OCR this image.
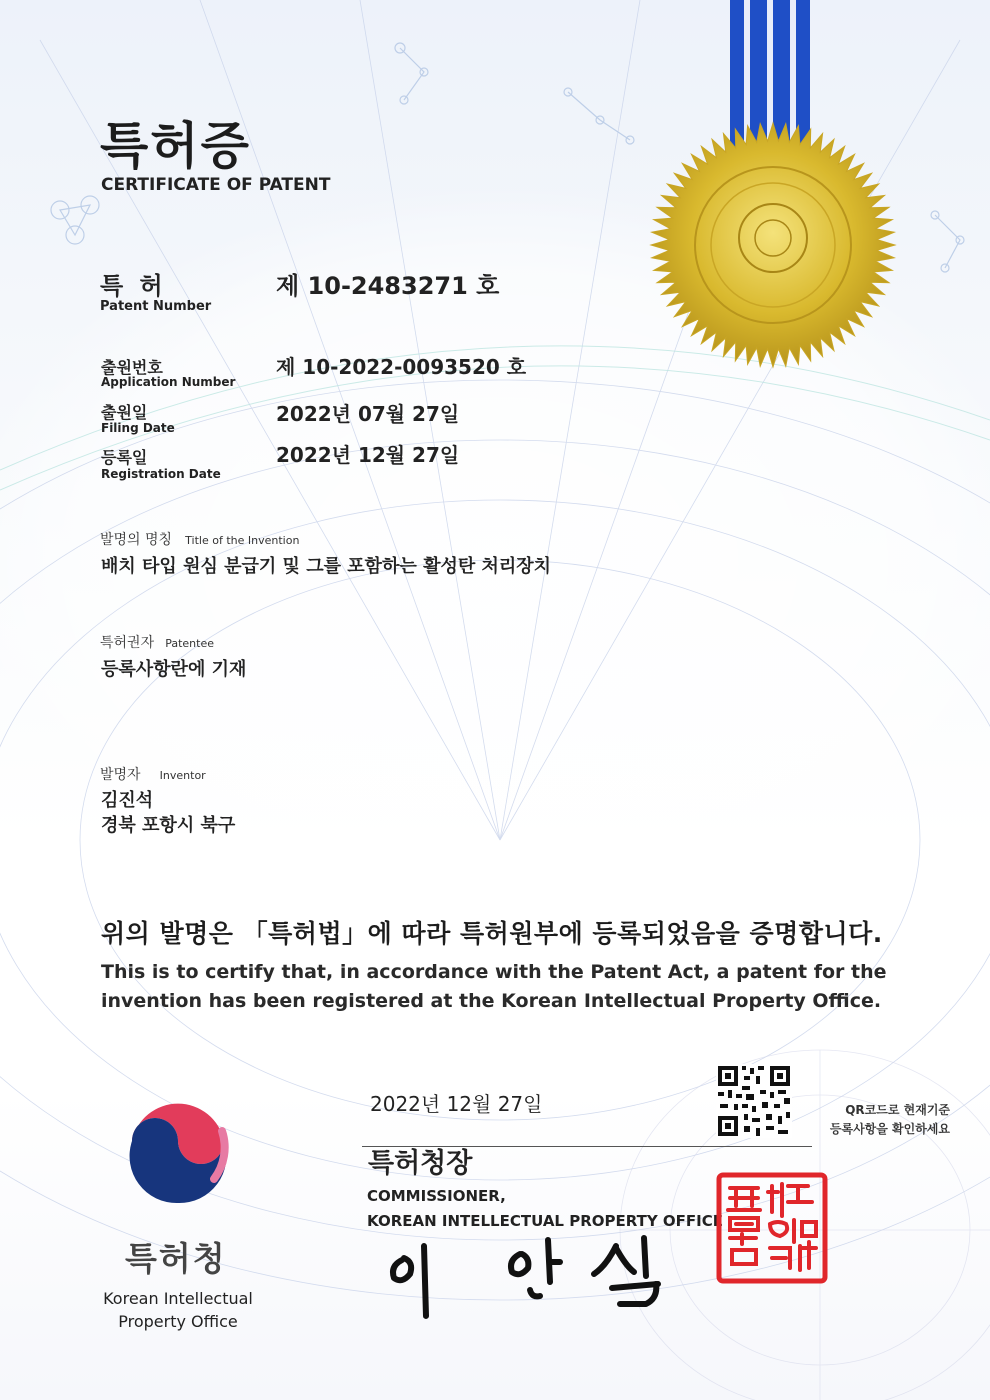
특허증
CERTIFICATE OF PATENT
특 허
Patent Number
제 10-2483271 호
출원번호
Application Number
제 10-2022-0093520 호
출원일
Filing Date
2022년 07월 27일
등록일
Registration Date
2022년 12월 27일
발명의 명칭 Title of the Invention
배치 타입 원심 분급기 및 그를 포함하는 활성탄 처리장치
특허권자 Patentee
등록사항란에 기재
발명자 Inventor
김진석
경북 포항시 북구
위의 발명은 「특허법」에 따라 특허원부에 등록되었음을 증명합니다.
This is to certify that, in accordance with the Patent Act, a patent for the invention has been registered at the Korean Intellectual Property Office.
2022년 12월 27일	QR코드로 현재기준
등록사항을 확인하세요
특허청장
COMMISSIONER,
KOREAN INTELLECTUAL PROPERTY OFFICE
특허청
Korean Intellectual
Property Office
